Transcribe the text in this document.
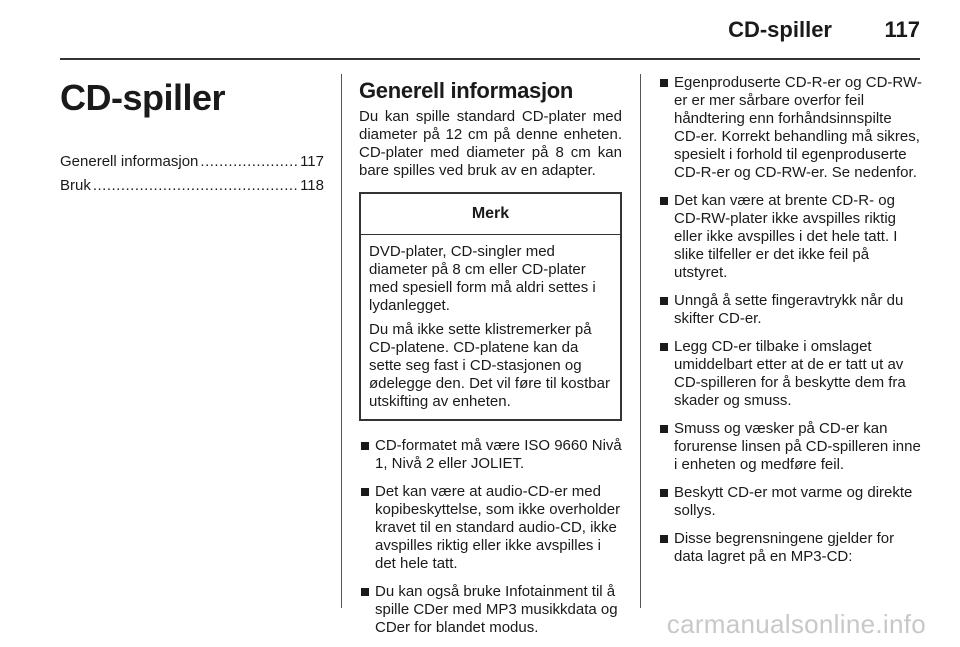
CD-spiller 117
CD-spiller
Generell informasjon .....	117
Bruk .....	118
Generell informasjon

Du kan spille standard CD-plater med diameter på 12 cm på denne enheten. CD-plater med diameter på 8 cm kan bare spilles ved bruk av en adapter.

Merk

DVD-plater, CD-singler med diameter på 8 cm eller CD-plater med spesiell form må aldri settes i lydanlegget.

Du må ikke sette klistremerker på CD-platene. CD-platene kan da sette seg fast i CD-stasjonen og ødelegge den. Det vil føre til kostbar utskifting av enheten.

CD-formatet må være ISO 9660 Nivå 1, Nivå 2 eller JOLIET.
Det kan være at audio-CD-er med kopibeskyttelse, som ikke overholder kravet til en standard audio-CD, ikke avspilles riktig eller ikke avspilles i det hele tatt.
Du kan også bruke Infotainment til å spille CDer med MP3 musikkdata og CDer for blandet modus.
Egenproduserte CD-R-er og CD-RW-er er mer sårbare overfor feil håndtering enn forhåndsinnspilte CD-er. Korrekt behandling må sikres, spesielt i forhold til egenproduserte CD-R-er og CD-RW-er. Se nedenfor.
Det kan være at brente CD-R- og CD-RW-plater ikke avspilles riktig eller ikke avspilles i det hele tatt. I slike tilfeller er det ikke feil på utstyret.
Unngå å sette fingeravtrykk når du skifter CD-er.
Legg CD-er tilbake i omslaget umiddelbart etter at de er tatt ut av CD-spilleren for å beskytte dem fra skader og smuss.
Smuss og væsker på CD-er kan forurense linsen på CD-spilleren inne i enheten og medføre feil.
Beskytt CD-er mot varme og direkte sollys.
Disse begrensningene gjelder for data lagret på en MP3-CD:
carmanualsonline.info
